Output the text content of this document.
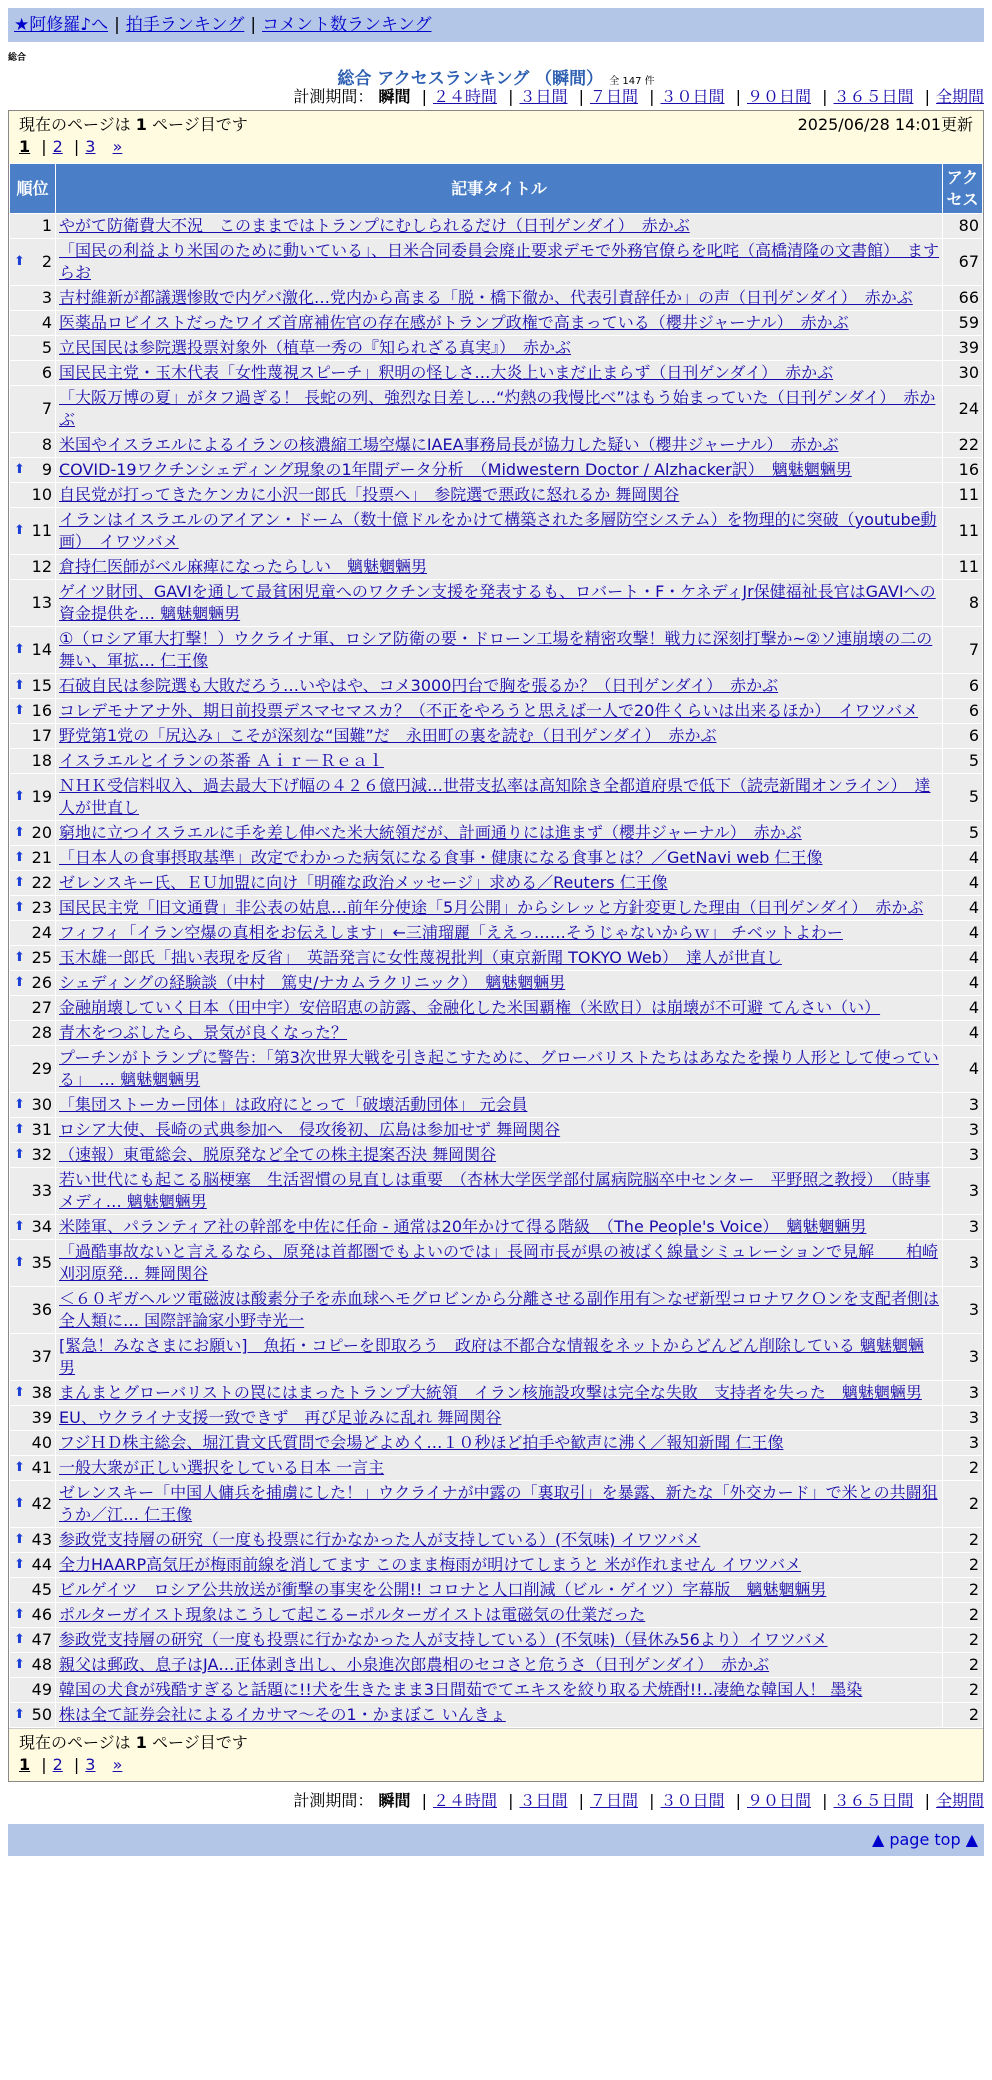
★阿修羅♪へ | 拍手ランキング | コメント数ランキング
総合
総合 アクセスランキング （瞬間） 全 147 件
計測期間： 瞬間 | ２４時間 | ３日間 | ７日間 | ３０日間 | ９０日間 | ３６５日間 | 全期間
現在のページは 1 ページ目です	2025/06/28 14:01更新
1 | 2 | 3 »
順位	記事タイトル	アクセス
1	やがて防衛費大不況　このままではトランプにむしられるだけ（日刊ゲンダイ）　赤かぶ	80

⬆ 2	「国民の利益より米国のために動いている」、日米合同委員会廃止要求デモで外務官僚らを叱咤（高橋清隆の文書館）　ますらお	67
3	吉村維新が都議選惨敗で内ゲバ激化…党内から高まる「脱・橋下徹か、代表引責辞任か」の声（日刊ゲンダイ）　赤かぶ	66
4	医薬品ロビイストだったワイズ首席補佐官の存在感がトランプ政権で高まっている（櫻井ジャーナル）　赤かぶ	59
5	立民国民は参院選投票対象外（植草一秀の『知られざる真実』）　赤かぶ	39
6	国民民主党・玉木代表「女性蔑視スピーチ」釈明の怪しさ…大炎上いまだ止まらず（日刊ゲンダイ）　赤かぶ	30
7	「大阪万博の夏」がタフ過ぎる！ 長蛇の列、強烈な日差し…“灼熱の我慢比べ”はもう始まっていた（日刊ゲンダイ）　赤かぶ	24
8	米国やイスラエルによるイランの核濃縮工場空爆にIAEA事務局長が協力した疑い（櫻井ジャーナル）　赤かぶ	22

⬆ 9	COVID-19ワクチンシェディング現象の1年間データ分析　（Midwestern Doctor / Alzhacker訳）　魑魅魍魎男	16
10	自民党が打ってきたケンカに小沢一郎氏「投票へ」　参院選で悪政に怒れるか 舞岡関谷	11

⬆ 11	イランはイスラエルのアイアン・ドーム（数十億ドルをかけて構築された多層防空システム）を物理的に突破（youtube動画）　イワツバメ	11
12	倉持仁医師がベル麻痺になったらしい　魑魅魍魎男	11
13	ゲイツ財団、GAVIを通して最貧困児童へのワクチン支援を発表するも、ロバート・F・ケネディJr保健福祉長官はGAVIへの資金提供を… 魑魅魍魎男	8

⬆ 14	①（ロシア軍大打撃！）ウクライナ軍、ロシア防衛の要・ドローン工場を精密攻撃！戦力に深刻打撃か~②ソ連崩壊の二の舞い、軍拡… 仁王像	7

⬆ 15	石破自民は参院選も大敗だろう…いやはや、コメ3000円台で胸を張るか？（日刊ゲンダイ）　赤かぶ	6

⬆ 16	コレデモナアナ外、期日前投票デスマセマスカ？（不正をやろうと思えば一人で20件くらいは出来るほか）　イワツバメ	6
17	野党第1党の「尻込み」こそが深刻な“国難”だ　永田町の裏を読む（日刊ゲンダイ）　赤かぶ	6
18	イスラエルとイランの茶番 Ａｉｒ－Ｒｅａｌ	5

⬆ 19	ＮＨＫ受信料収入、過去最大下げ幅の４２６億円減…世帯支払率は高知除き全都道府県で低下（読売新聞オンライン）　達人が世直し	5

⬆ 20	窮地に立つイスラエルに手を差し伸べた米大統領だが、計画通りには進まず（櫻井ジャーナル）　赤かぶ	5

⬆ 21	「日本人の食事摂取基準」改定でわかった病気になる食事・健康になる食事とは？／GetNavi web 仁王像	4

⬆ 22	ゼレンスキー氏、ＥＵ加盟に向け「明確な政治メッセージ」求める／Reuters 仁王像	4

⬆ 23	国民民主党「旧文通費」非公表の姑息…前年分使途「5月公開」からシレッと方針変更した理由（日刊ゲンダイ）　赤かぶ	4
24	フィフィ「イラン空爆の真相をお伝えします」←三浦瑠麗「ええっ……そうじゃないからｗ」 チベットよわー	4

⬆ 25	玉木雄一郎氏「拙い表現を反省」　英語発言に女性蔑視批判（東京新聞 TOKYO Web）　達人が世直し	4

⬆ 26	シェディングの経験談（中村　篤史/ナカムラクリニック）　魑魅魍魎男	4
27	金融崩壊していく日本（田中宇）安倍昭恵の訪露、金融化した米国覇権（米欧日）は崩壊が不可避 てんさい（い）	4
28	青木をつぶしたら、景気が良くなった？	4
29	プーチンがトランプに警告：「第3次世界大戦を引き起こすために、グローバリストたちはあなたを操り人形として使っている」　… 魑魅魍魎男	4

⬆ 30	「集団ストーカー団体」は政府にとって「破壊活動団体」 元会員	3

⬆ 31	ロシア大使、長崎の式典参加へ　侵攻後初、広島は参加せず 舞岡関谷	3

⬆ 32	（速報）東電総会、脱原発など全ての株主提案否決 舞岡関谷	3
33	若い世代にも起こる脳梗塞　生活習慣の見直しは重要　（杏林大学医学部付属病院脳卒中センター　平野照之教授）　（時事メディ… 魑魅魍魎男	3

⬆ 34	米陸軍、パランティア社の幹部を中佐に任命 - 通常は20年かけて得る階級　（The People's Voice）　魑魅魍魎男	3

⬆ 35	「過酷事故ないと言えるなら、原発は首都圏でもよいのでは」長岡市長が県の被ばく線量シミュレーションで見解　　柏崎刈羽原発… 舞岡関谷	3
36	＜６０ギガヘルツ電磁波は酸素分子を赤血球ヘモグロビンから分離させる副作用有＞なぜ新型コロナワクＯンを支配者側は全人類に… 国際評論家小野寺光一	3
37	[緊急！みなさまにお願い]　魚拓・コピーを即取ろう　政府は不都合な情報をネットからどんどん削除している 魑魅魍魎男	3

⬆ 38	まんまとグローバリストの罠にはまったトランプ大統領　イラン核施設攻撃は完全な失敗　支持者を失った　魑魅魍魎男	3
39	EU、ウクライナ支援一致できず　再び足並みに乱れ 舞岡関谷	3
40	フジＨＤ株主総会、堀江貴文氏質問で会場どよめく…１０秒ほど拍手や歓声に沸く／報知新聞 仁王像	3

⬆ 41	一般大衆が正しい選択をしている日本 一言主	2

⬆ 42	ゼレンスキー「中国人傭兵を捕虜にした！」ウクライナが中露の「裏取引」を暴露、新たな「外交カード」で米との共闘狙うか／江… 仁王像	2

⬆ 43	参政党支持層の研究（一度も投票に行かなかった人が支持している）(不気味) イワツバメ	2

⬆ 44	全力HAARP高気圧が梅雨前線を消してます このまま梅雨が明けてしまうと 米が作れません イワツバメ	2
45	ビルゲイツ　ロシア公共放送が衝撃の事実を公開!! コロナと人口削減（ビル・ゲイツ）字幕版　魑魅魍魎男	2

⬆ 46	ポルターガイスト現象はこうして起こる−ポルターガイストは電磁気の仕業だった	2

⬆ 47	参政党支持層の研究（一度も投票に行かなかった人が支持している）(不気味)（昼休み56より）イワツバメ	2

⬆ 48	親父は郵政、息子はJA…正体剥き出し、小泉進次郎農相のセコさと危うさ（日刊ゲンダイ）　赤かぶ	2
49	韓国の犬食が残酷すぎると話題に!!犬を生きたまま3日間茹でてエキスを絞り取る犬焼酎!!‥凄絶な韓国人！ 墨染	2

⬆ 50	株は全て証券会社によるイカサマ〜その1・かまぼこ いんきょ	2
現在のページは 1 ページ目です
1 | 2 | 3 »
計測期間： 瞬間 | ２４時間 | ３日間 | ７日間 | ３０日間 | ９０日間 | ３６５日間 | 全期間
▲ page top ▲
